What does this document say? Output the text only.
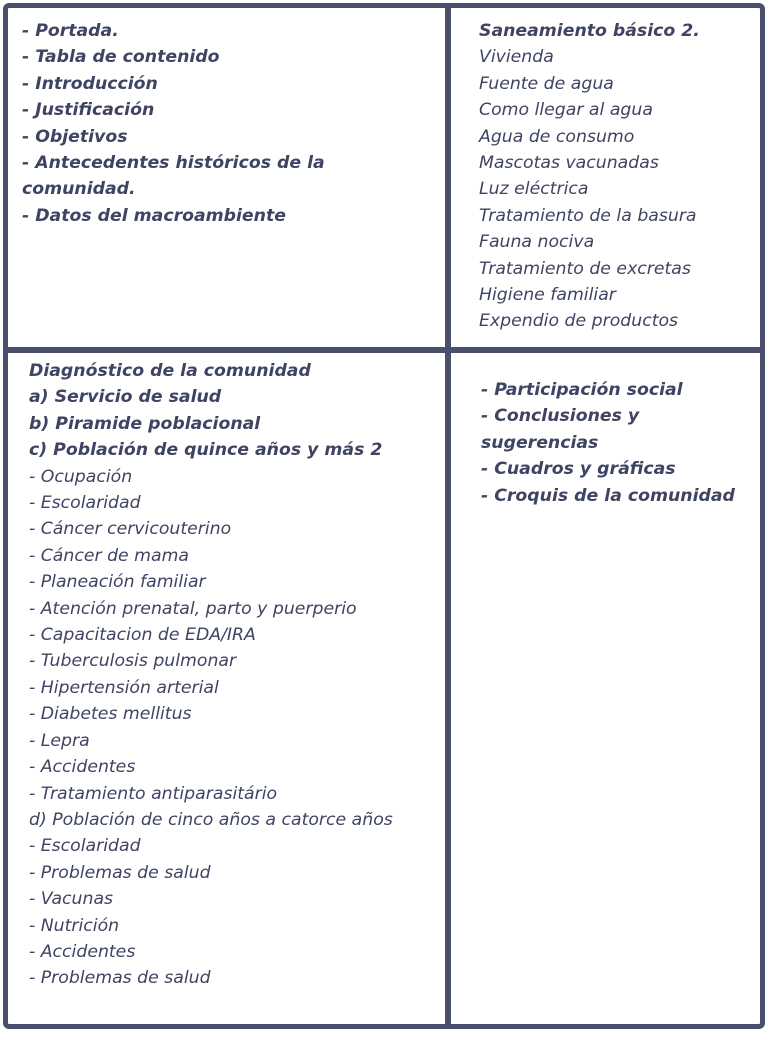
- Portada.
- Tabla de contenido
- Introducción
- Justificación
- Objetivos
- Antecedentes históricos de la comunidad.
- Datos del macroambiente
Saneamiento básico 2.
Vivienda
Fuente de agua
Como llegar al agua
Agua de consumo
Mascotas vacunadas
Luz eléctrica
Tratamiento de la basura
Fauna nociva
Tratamiento de excretas
Higiene familiar
Expendio de productos
Diagnóstico de la comunidad
a) Servicio de salud
b) Piramide poblacional
c) Población de quince años y más 2
- Ocupación
- Escolaridad
- Cáncer cervicouterino
- Cáncer de mama
- Planeación familiar
- Atención prenatal, parto y puerperio
- Capacitacion de EDA/IRA
- Tuberculosis pulmonar
- Hipertensión arterial
- Diabetes mellitus
- Lepra
- Accidentes
- Tratamiento antiparasitário
d) Población de cinco años a catorce años
- Escolaridad
- Problemas de salud
- Vacunas
- Nutrición
- Accidentes
- Problemas de salud
- Participación social
- Conclusiones y sugerencias
- Cuadros y gráficas
- Croquis de la comunidad
